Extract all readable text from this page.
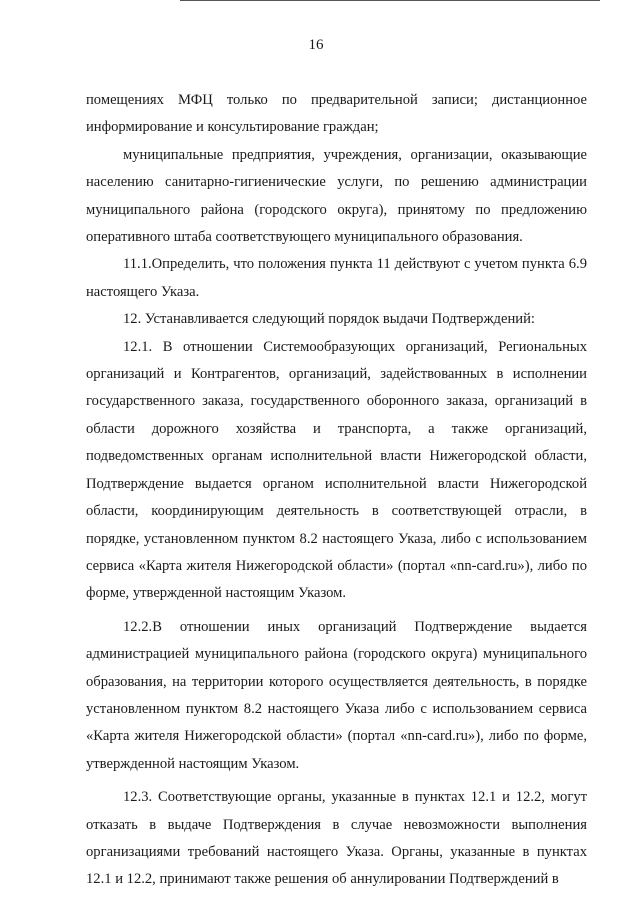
16

помещениях МФЦ только по предварительной записи; дистанционное информирование и консультирование граждан;

муниципальные предприятия, учреждения, организации, оказывающие населению санитарно-гигиенические услуги, по решению администрации муниципального района (городского округа), принятому по предложению оперативного штаба соответствующего муниципального образования.

11.1.Определить, что положения пункта 11 действуют с учетом пункта 6.9 настоящего Указа.

12. Устанавливается следующий порядок выдачи Подтверждений:

12.1. В отношении Системообразующих организаций, Региональных организаций и Контрагентов, организаций, задействованных в исполнении государственного заказа, государственного оборонного заказа, организаций в области дорожного хозяйства и транспорта, а также организаций, подведомственных органам исполнительной власти Нижегородской области, Подтверждение выдается органом исполнительной власти Нижегородской области, координирующим деятельность в соответствующей отрасли, в порядке, установленном пунктом 8.2 настоящего Указа, либо с использованием сервиса «Карта жителя Нижегородской области» (портал «nn-card.ru»), либо по форме, утвержденной настоящим Указом.

12.2.В отношении иных организаций Подтверждение выдается администрацией муниципального района (городского округа) муниципального образования, на территории которого осуществляется деятельность, в порядке установленном пунктом 8.2 настоящего Указа либо с использованием сервиса «Карта жителя Нижегородской области» (портал «nn-card.ru»), либо по форме, утвержденной настоящим Указом.

12.3. Соответствующие органы, указанные в пунктах 12.1 и 12.2, могут отказать в выдаче Подтверждения в случае невозможности выполнения организациями требований настоящего Указа. Органы, указанные в пунктах 12.1 и 12.2, принимают также решения об аннулировании Подтверждений в
